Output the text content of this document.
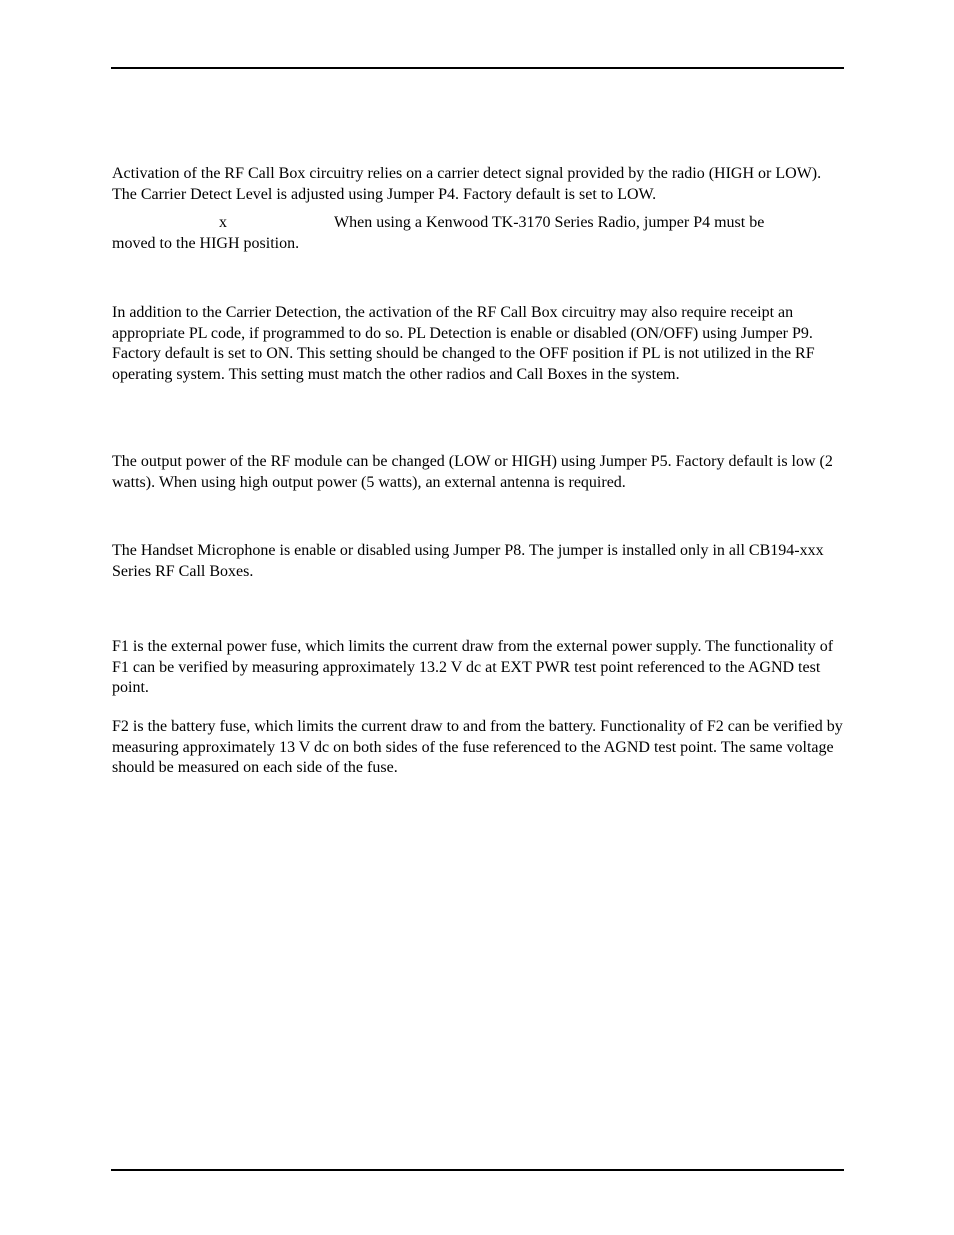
Activation of the RF Call Box circuitry relies on a carrier detect signal provided by the radio (HIGH or LOW). The Carrier Detect Level is adjusted using Jumper P4. Factory default is set to LOW.

x	When using a Kenwood TK-3170 Series Radio, jumper P4 must be
moved to the HIGH position.

In addition to the Carrier Detection, the activation of the RF Call Box circuitry may also require receipt an appropriate PL code, if programmed to do so. PL Detection is enable or disabled (ON/OFF) using Jumper P9. Factory default is set to ON. This setting should be changed to the OFF position if PL is not utilized in the RF operating system. This setting must match the other radios and Call Boxes in the system.

The output power of the RF module can be changed (LOW or HIGH) using Jumper P5. Factory default is low (2 watts). When using high output power (5 watts), an external antenna is required.

The Handset Microphone is enable or disabled using Jumper P8. The jumper is installed only in all CB194-xxx Series RF Call Boxes.

F1 is the external power fuse, which limits the current draw from the external power supply. The functionality of F1 can be verified by measuring approximately 13.2 V dc at EXT PWR test point referenced to the AGND test point.

F2 is the battery fuse, which limits the current draw to and from the battery. Functionality of F2 can be verified by measuring approximately 13 V dc on both sides of the fuse referenced to the AGND test point. The same voltage should be measured on each side of the fuse.
